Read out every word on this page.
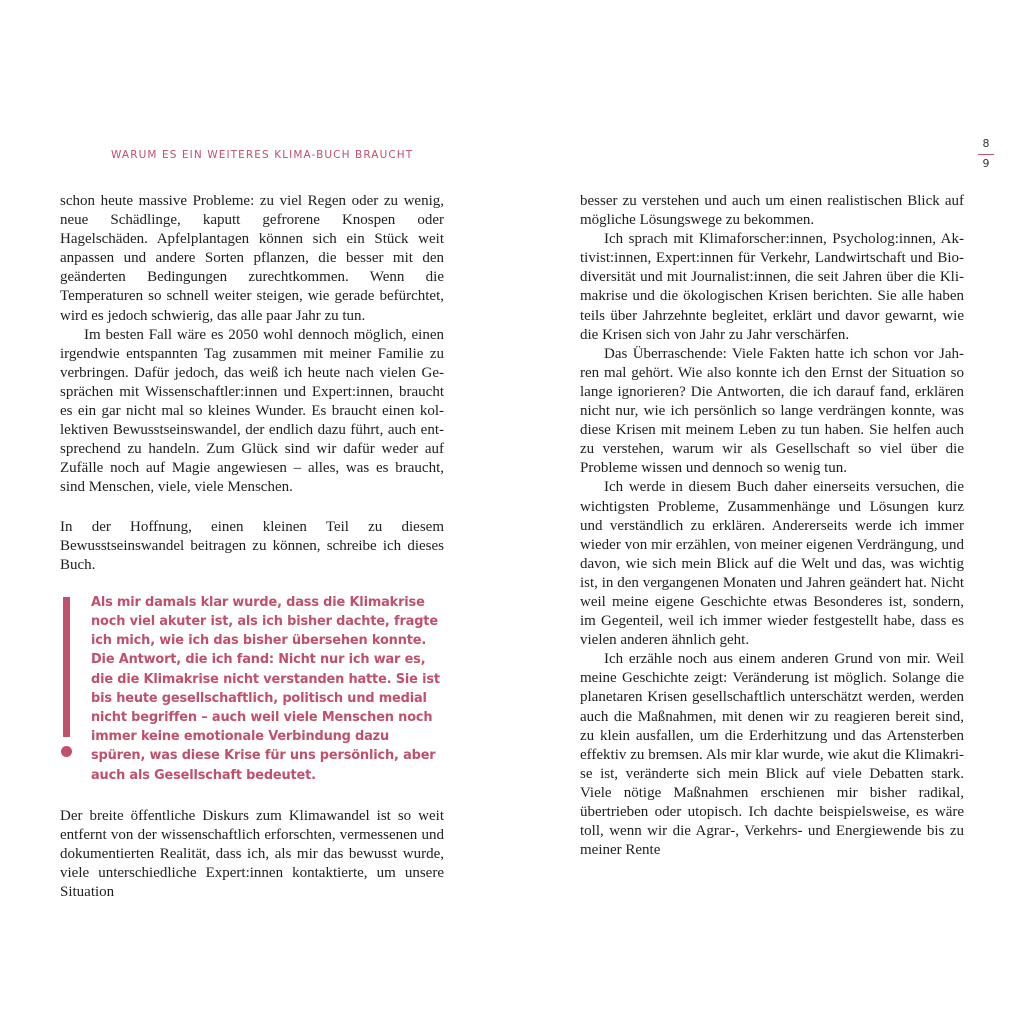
WARUM ES EIN WEITERES KLIMA-BUCH BRAUCHT
8
9

schon heute massive Probleme: zu viel Regen oder zu wenig, neue Schädlinge, kaputt gefrorene Knospen oder Hagelschäden. Apfelplantagen können sich ein Stück weit anpassen und andere Sorten pflanzen, die besser mit den geänderten Bedingungen zurechtkommen. Wenn die Temperaturen so schnell weiter steigen, wie gerade befürchtet, wird es jedoch schwierig, das alle paar Jahr zu tun.

Im besten Fall wäre es 2050 wohl dennoch möglich, einen irgendwie entspannten Tag zusammen mit meiner Familie zu verbringen. Dafür jedoch, das weiß ich heute nach vielen Gesprächen mit Wissenschaftler:innen und Expert:innen, braucht es ein gar nicht mal so kleines Wunder. Es braucht einen kollektiven Bewusstseinswandel, der endlich dazu führt, auch entsprechend zu handeln. Zum Glück sind wir dafür weder auf Zufälle noch auf Magie angewiesen – alles, was es braucht, sind Menschen, viele, viele Menschen.

In der Hoffnung, einen kleinen Teil zu diesem Bewusstseinswandel beitragen zu können, schreibe ich dieses Buch.

Als mir damals klar wurde, dass die Klimakrise noch viel akuter ist, als ich bisher dachte, fragte ich mich, wie ich das bisher übersehen konnte. Die Antwort, die ich fand: Nicht nur ich war es, die die Klimakrise nicht verstanden hatte. Sie ist bis heute gesellschaftlich, politisch und medial nicht begriffen – auch weil viele Menschen noch immer keine emotionale Verbindung dazu spüren, was diese Krise für uns persönlich, aber auch als Gesellschaft bedeutet.

Der breite öffentliche Diskurs zum Klimawandel ist so weit entfernt von der wissenschaftlich erforschten, vermessenen und dokumentierten Realität, dass ich, als mir das bewusst wurde, viele unterschiedliche Expert:innen kontaktierte, um unsere Situation

besser zu verstehen und auch um einen realistischen Blick auf mögliche Lösungswege zu bekommen.

Ich sprach mit Klimaforscher:innen, Psycholog:innen, Aktivist:innen, Expert:innen für Verkehr, Landwirtschaft und Biodiversität und mit Journalist:innen, die seit Jahren über die Klimakrise und die ökologischen Krisen berichten. Sie alle haben teils über Jahrzehnte begleitet, erklärt und davor gewarnt, wie die Krisen sich von Jahr zu Jahr verschärfen.

Das Überraschende: Viele Fakten hatte ich schon vor Jahren mal gehört. Wie also konnte ich den Ernst der Situation so lange ignorieren? Die Antworten, die ich darauf fand, erklären nicht nur, wie ich persönlich so lange verdrängen konnte, was diese Krisen mit meinem Leben zu tun haben. Sie helfen auch zu verstehen, warum wir als Gesellschaft so viel über die Probleme wissen und dennoch so wenig tun.

Ich werde in diesem Buch daher einerseits versuchen, die wichtigsten Probleme, Zusammenhänge und Lösungen kurz und verständlich zu erklären. Andererseits werde ich immer wieder von mir erzählen, von meiner eigenen Verdrängung, und davon, wie sich mein Blick auf die Welt und das, was wichtig ist, in den vergangenen Monaten und Jahren geändert hat. Nicht weil meine eigene Geschichte etwas Besonderes ist, sondern, im Gegenteil, weil ich immer wieder festgestellt habe, dass es vielen anderen ähnlich geht.

Ich erzähle noch aus einem anderen Grund von mir. Weil meine Geschichte zeigt: Veränderung ist möglich. Solange die planetaren Krisen gesellschaftlich unterschätzt werden, werden auch die Maßnahmen, mit denen wir zu reagieren bereit sind, zu klein ausfallen, um die Erderhitzung und das Artensterben effektiv zu bremsen. Als mir klar wurde, wie akut die Klimakrise ist, veränderte sich mein Blick auf viele Debatten stark. Viele nötige Maßnahmen erschienen mir bisher radikal, übertrieben oder utopisch. Ich dachte beispielsweise, es wäre toll, wenn wir die Agrar-, Verkehrs- und Energiewende bis zu meiner Rente
